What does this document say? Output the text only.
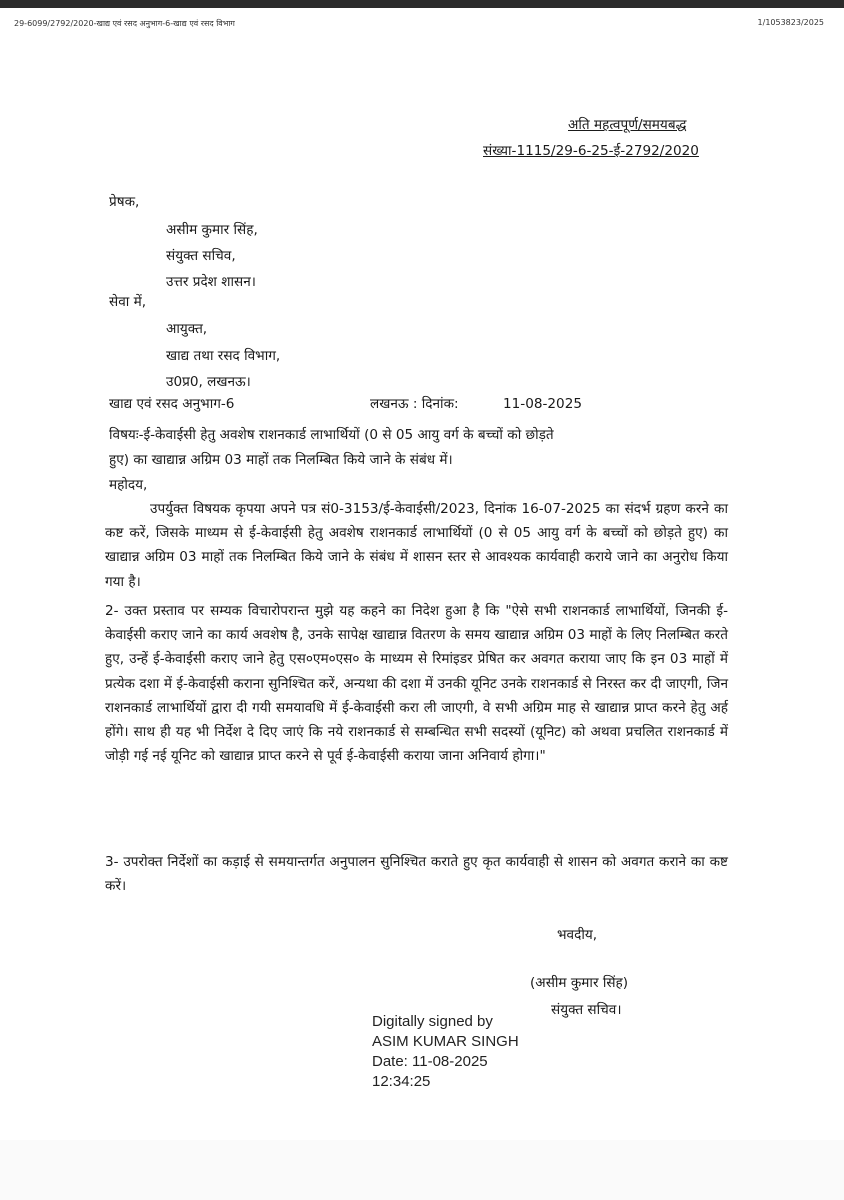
29-6099/2792/2020-खाद्य एवं रसद अनुभाग-6-खाद्य एवं रसद विभाग	1/1053823/2025
अति महत्वपूर्ण/समयबद्ध
संख्या-1115/29-6-25-ई-2792/2020
प्रेषक,
असीम कुमार सिंह,
संयुक्त सचिव,
उत्तर प्रदेश शासन।
सेवा में,
आयुक्त,
खाद्य तथा रसद विभाग,
उ0प्र0, लखनऊ।
खाद्य एवं रसद अनुभाग-6	लखनऊ : दिनांक:	11-08-2025
विषयः-ई-केवाईसी हेतु अवशेष राशनकार्ड लाभार्थियों (0 से 05 आयु वर्ग के बच्चों को छोड़ते
हुए) का खाद्यान्न अग्रिम 03 माहों तक निलम्बित किये जाने के संबंध में।
महोदय,
उपर्युक्त विषयक कृपया अपने पत्र सं0-3153/ई-केवाईसी/2023, दिनांक 16-07-2025 का संदर्भ ग्रहण करने का कष्ट करें, जिसके माध्यम से ई-केवाईसी हेतु अवशेष राशनकार्ड लाभार्थियों (0 से 05 आयु वर्ग के बच्चों को छोड़ते हुए) का खाद्यान्न अग्रिम 03 माहों तक निलम्बित किये जाने के संबंध में शासन स्तर से आवश्यक कार्यवाही कराये जाने का अनुरोध किया गया है।
2- उक्त प्रस्ताव पर सम्यक विचारोपरान्त मुझे यह कहने का निदेश हुआ है कि "ऐसे सभी राशनकार्ड लाभार्थियों, जिनकी ई-केवाईसी कराए जाने का कार्य अवशेष है, उनके सापेक्ष खाद्यान्न वितरण के समय खाद्यान्न अग्रिम 03 माहों के लिए निलम्बित करते हुए, उन्हें ई-केवाईसी कराए जाने हेतु एस०एम०एस० के माध्यम से रिमांइडर प्रेषित कर अवगत कराया जाए कि इन 03 माहों में प्रत्येक दशा में ई-केवाईसी कराना सुनिश्चित करें, अन्यथा की दशा में उनकी यूनिट उनके राशनकार्ड से निरस्त कर दी जाएगी, जिन राशनकार्ड लाभार्थियों द्वारा दी गयी समयावधि में ई-केवाईसी करा ली जाएगी, वे सभी अग्रिम माह से खाद्यान्न प्राप्त करने हेतु अर्ह होंगे। साथ ही यह भी निर्देश दे दिए जाएं कि नये राशनकार्ड से सम्बन्धित सभी सदस्यों (यूनिट) को अथवा प्रचलित राशनकार्ड में जोड़ी गई नई यूनिट को खाद्यान्न प्राप्त करने से पूर्व ई-केवाईसी कराया जाना अनिवार्य होगा।"
3- उपरोक्त निर्देशों का कड़ाई से समयान्तर्गत अनुपालन सुनिश्चित कराते हुए कृत कार्यवाही से शासन को अवगत कराने का कष्ट करें।
भवदीय,
(असीम कुमार सिंह)
संयुक्त सचिव।
Digitally signed by
ASIM KUMAR SINGH
Date: 11-08-2025
12:34:25
